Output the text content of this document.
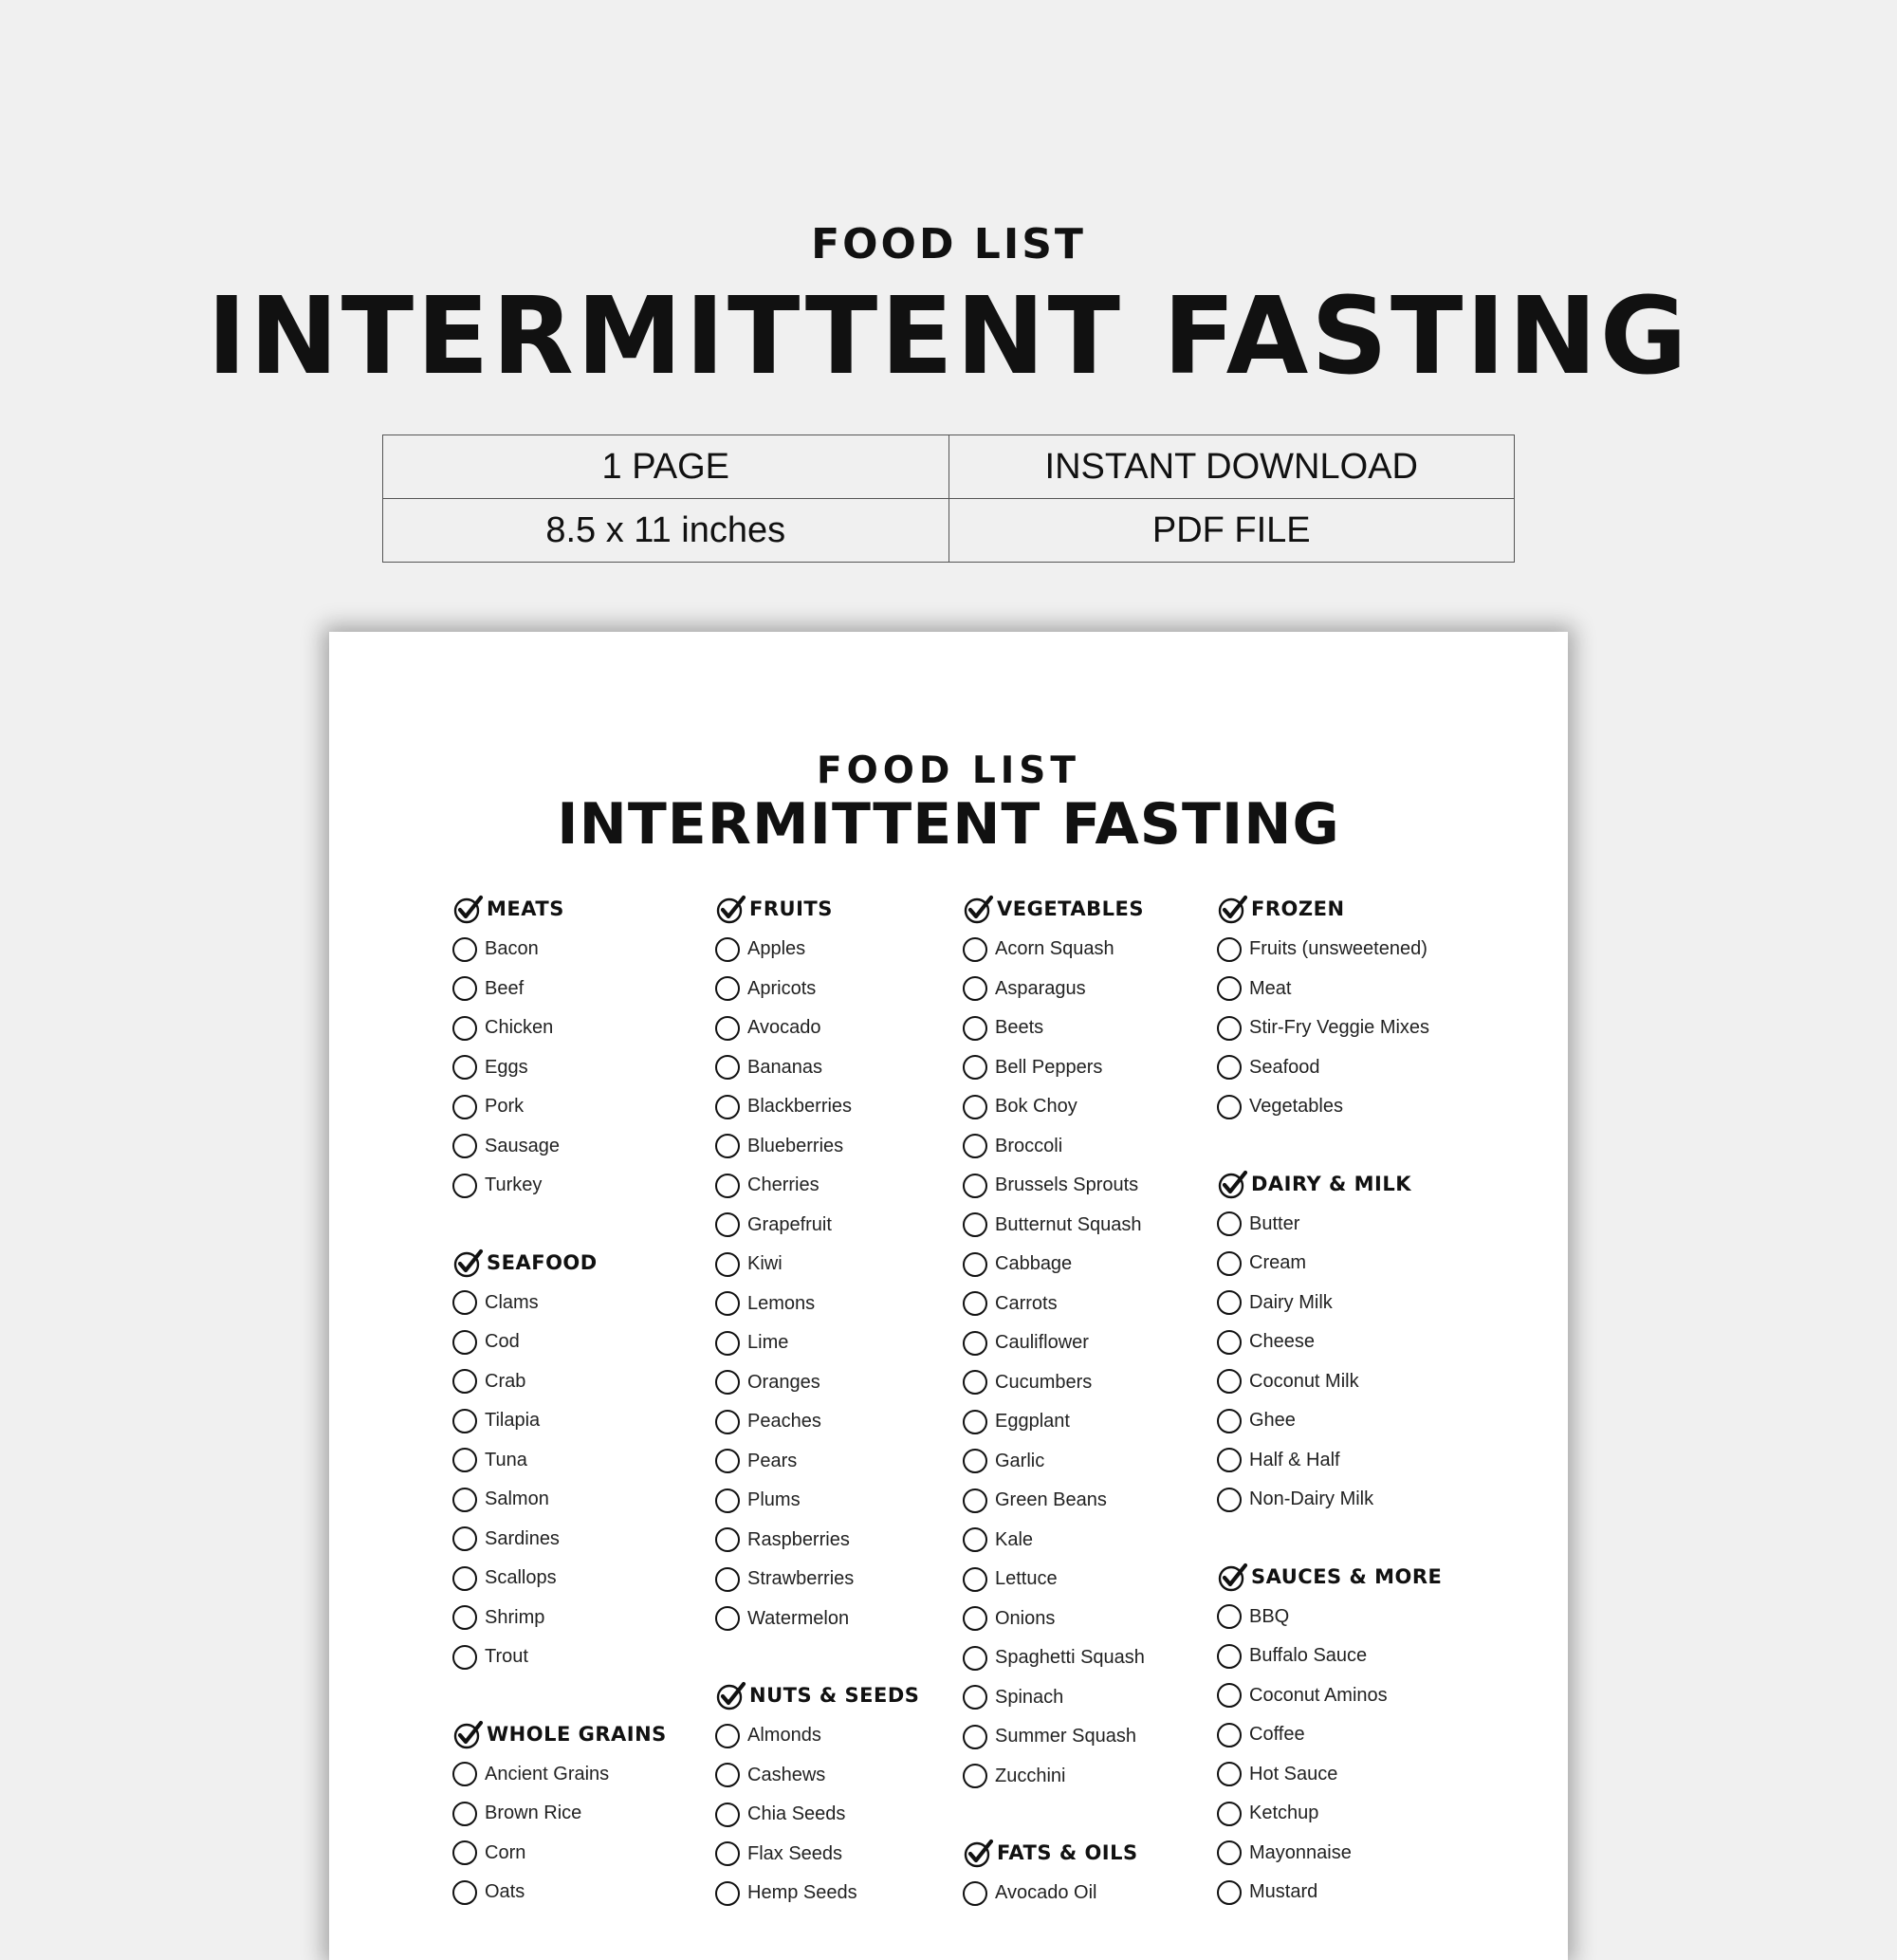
FOOD LIST
INTERMITTENT FASTING
1 PAGE	INSTANT DOWNLOAD
8.5 x 11 inches	PDF FILE
FOOD LIST
INTERMITTENT FASTING
MEATS
Bacon
Beef
Chicken
Eggs
Pork
Sausage
Turkey
SEAFOOD
Clams
Cod
Crab
Tilapia
Tuna
Salmon
Sardines
Scallops
Shrimp
Trout
WHOLE GRAINS
Ancient Grains
Brown Rice
Corn
Oats
FRUITS
Apples
Apricots
Avocado
Bananas
Blackberries
Blueberries
Cherries
Grapefruit
Kiwi
Lemons
Lime
Oranges
Peaches
Pears
Plums
Raspberries
Strawberries
Watermelon
NUTS & SEEDS
Almonds
Cashews
Chia Seeds
Flax Seeds
Hemp Seeds
VEGETABLES
Acorn Squash
Asparagus
Beets
Bell Peppers
Bok Choy
Broccoli
Brussels Sprouts
Butternut Squash
Cabbage
Carrots
Cauliflower
Cucumbers
Eggplant
Garlic
Green Beans
Kale
Lettuce
Onions
Spaghetti Squash
Spinach
Summer Squash
Zucchini
FATS & OILS
Avocado Oil
FROZEN
Fruits (unsweetened)
Meat
Stir-Fry Veggie Mixes
Seafood
Vegetables
DAIRY & MILK
Butter
Cream
Dairy Milk
Cheese
Coconut Milk
Ghee
Half & Half
Non-Dairy Milk
SAUCES & MORE
BBQ
Buffalo Sauce
Coconut Aminos
Coffee
Hot Sauce
Ketchup
Mayonnaise
Mustard
